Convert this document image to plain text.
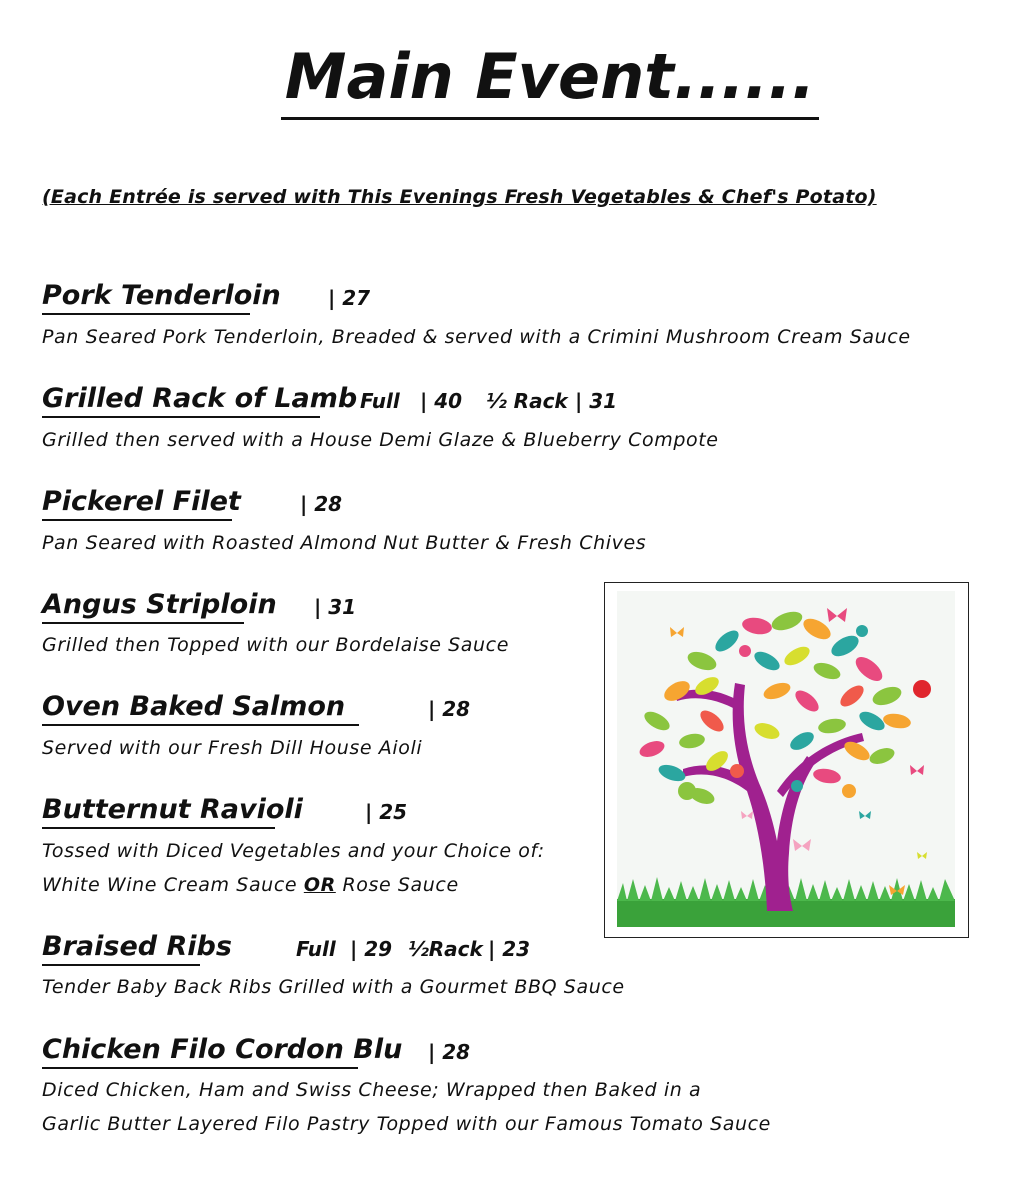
Main Event......
(Each Entrée is served with This Evenings Fresh Vegetables & Chef's Potato)
Pork Tenderloin | 27
Pan Seared Pork Tenderloin, Breaded & served with a Crimini Mushroom Cream Sauce
Grilled Rack of Lamb Full | 40 ½ Rack | 31
Grilled then served with a House Demi Glaze & Blueberry Compote
Pickerel Filet	| 28
Pan Seared with Roasted Almond Nut Butter & Fresh Chives
Angus Striploin | 31
Grilled then Topped with our Bordelaise Sauce
Oven Baked Salmon	| 28
Served with our Fresh Dill House Aioli
Butternut Ravioli	| 25
Tossed with Diced Vegetables and your Choice of:
White Wine Cream Sauce OR Rose Sauce
Braised Ribs	Full | 29 ½Rack | 23
Tender Baby Back Ribs Grilled with a Gourmet BBQ Sauce
Chicken Filo Cordon Blu | 28
Diced Chicken, Ham and Swiss Cheese; Wrapped then Baked in a
Garlic Butter Layered Filo Pastry Topped with our Famous Tomato Sauce
